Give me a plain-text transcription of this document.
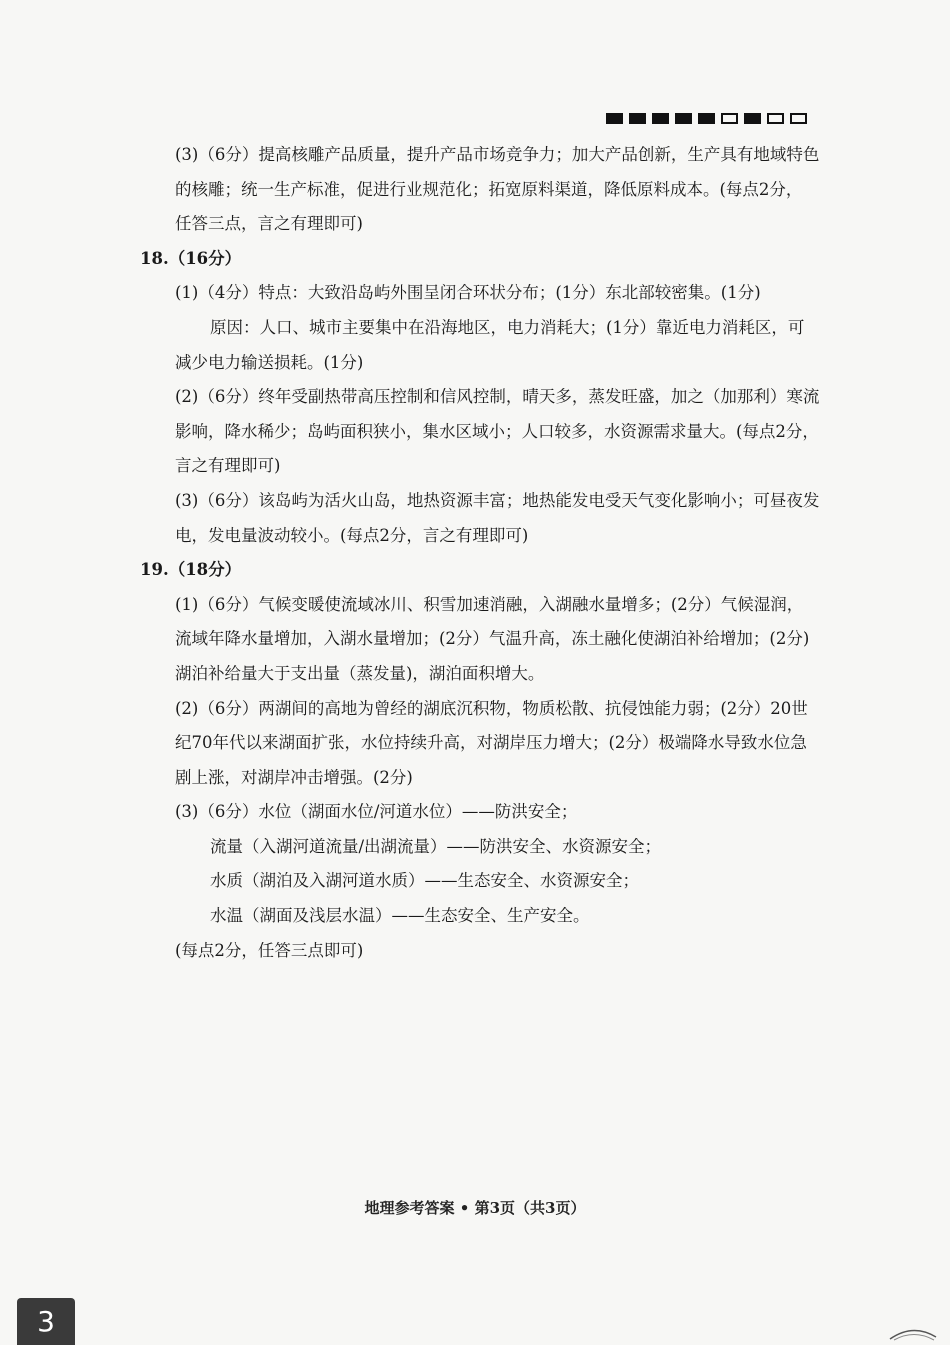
(3)（6分）提高核雕产品质量，提升产品市场竞争力；加大产品创新，生产具有地域特色

的核雕；统一生产标准，促进行业规范化；拓宽原料渠道，降低原料成本。(每点2分，

任答三点，言之有理即可)

18.（16分）

(1)（4分）特点：大致沿岛屿外围呈闭合环状分布；(1分）东北部较密集。(1分)

原因：人口、城市主要集中在沿海地区，电力消耗大；(1分）靠近电力消耗区，可

减少电力输送损耗。(1分)

(2)（6分）终年受副热带高压控制和信风控制，晴天多，蒸发旺盛，加之（加那利）寒流

影响，降水稀少；岛屿面积狭小，集水区域小；人口较多，水资源需求量大。(每点2分，

言之有理即可)

(3)（6分）该岛屿为活火山岛，地热资源丰富；地热能发电受天气变化影响小；可昼夜发

电，发电量波动较小。(每点2分，言之有理即可)

19.（18分）

(1)（6分）气候变暖使流域冰川、积雪加速消融，入湖融水量增多；(2分）气候湿润，

流域年降水量增加，入湖水量增加；(2分）气温升高，冻土融化使湖泊补给增加；(2分)

湖泊补给量大于支出量（蒸发量)，湖泊面积增大。

(2)（6分）两湖间的高地为曾经的湖底沉积物，物质松散、抗侵蚀能力弱；(2分）20世

纪70年代以来湖面扩张，水位持续升高，对湖岸压力增大；(2分）极端降水导致水位急

剧上涨，对湖岸冲击增强。(2分)

(3)（6分）水位（湖面水位/河道水位）——防洪安全；

流量（入湖河道流量/出湖流量）——防洪安全、水资源安全；

水质（湖泊及入湖河道水质）——生态安全、水资源安全；

水温（湖面及浅层水温）——生态安全、生产安全。

(每点2分，任答三点即可)

地理参考答案 • 第3页（共3页）
3
